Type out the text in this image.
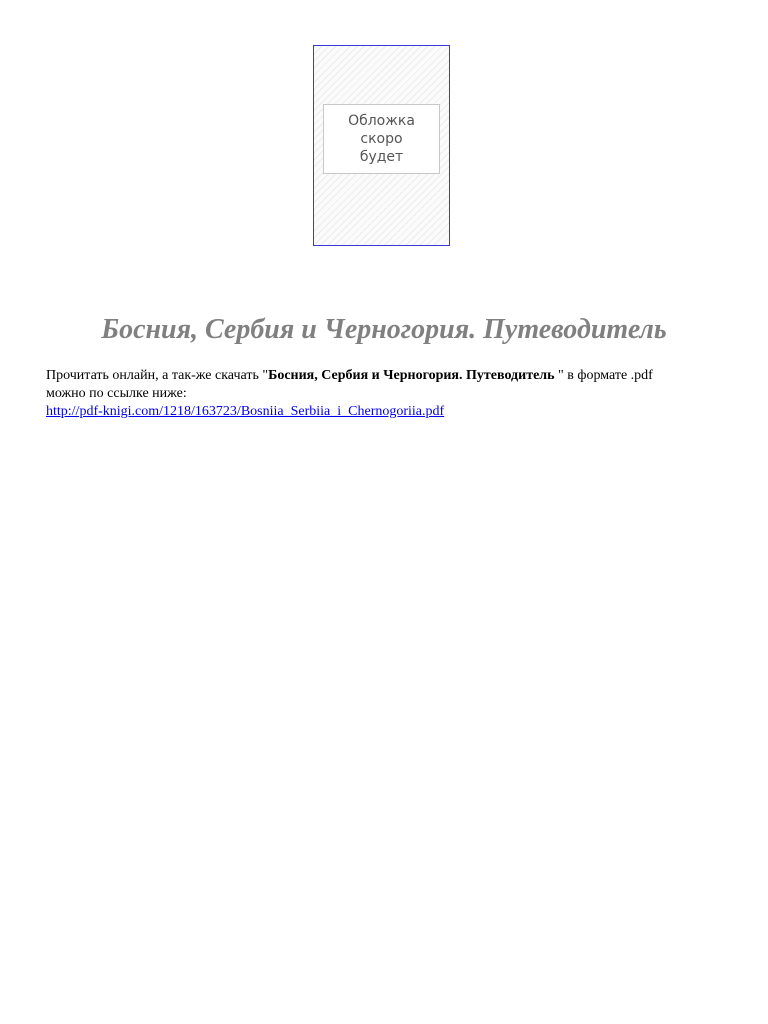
Обложка
скоро
будет
Босния, Сербия и Черногория. Путеводитель
Прочитать онлайн, а так-же скачать "Босния, Сербия и Черногория. Путеводитель " в формате .pdf
можно по ссылке ниже:
http://pdf-knigi.com/1218/163723/Bosniia_Serbiia_i_Chernogoriia.pdf
